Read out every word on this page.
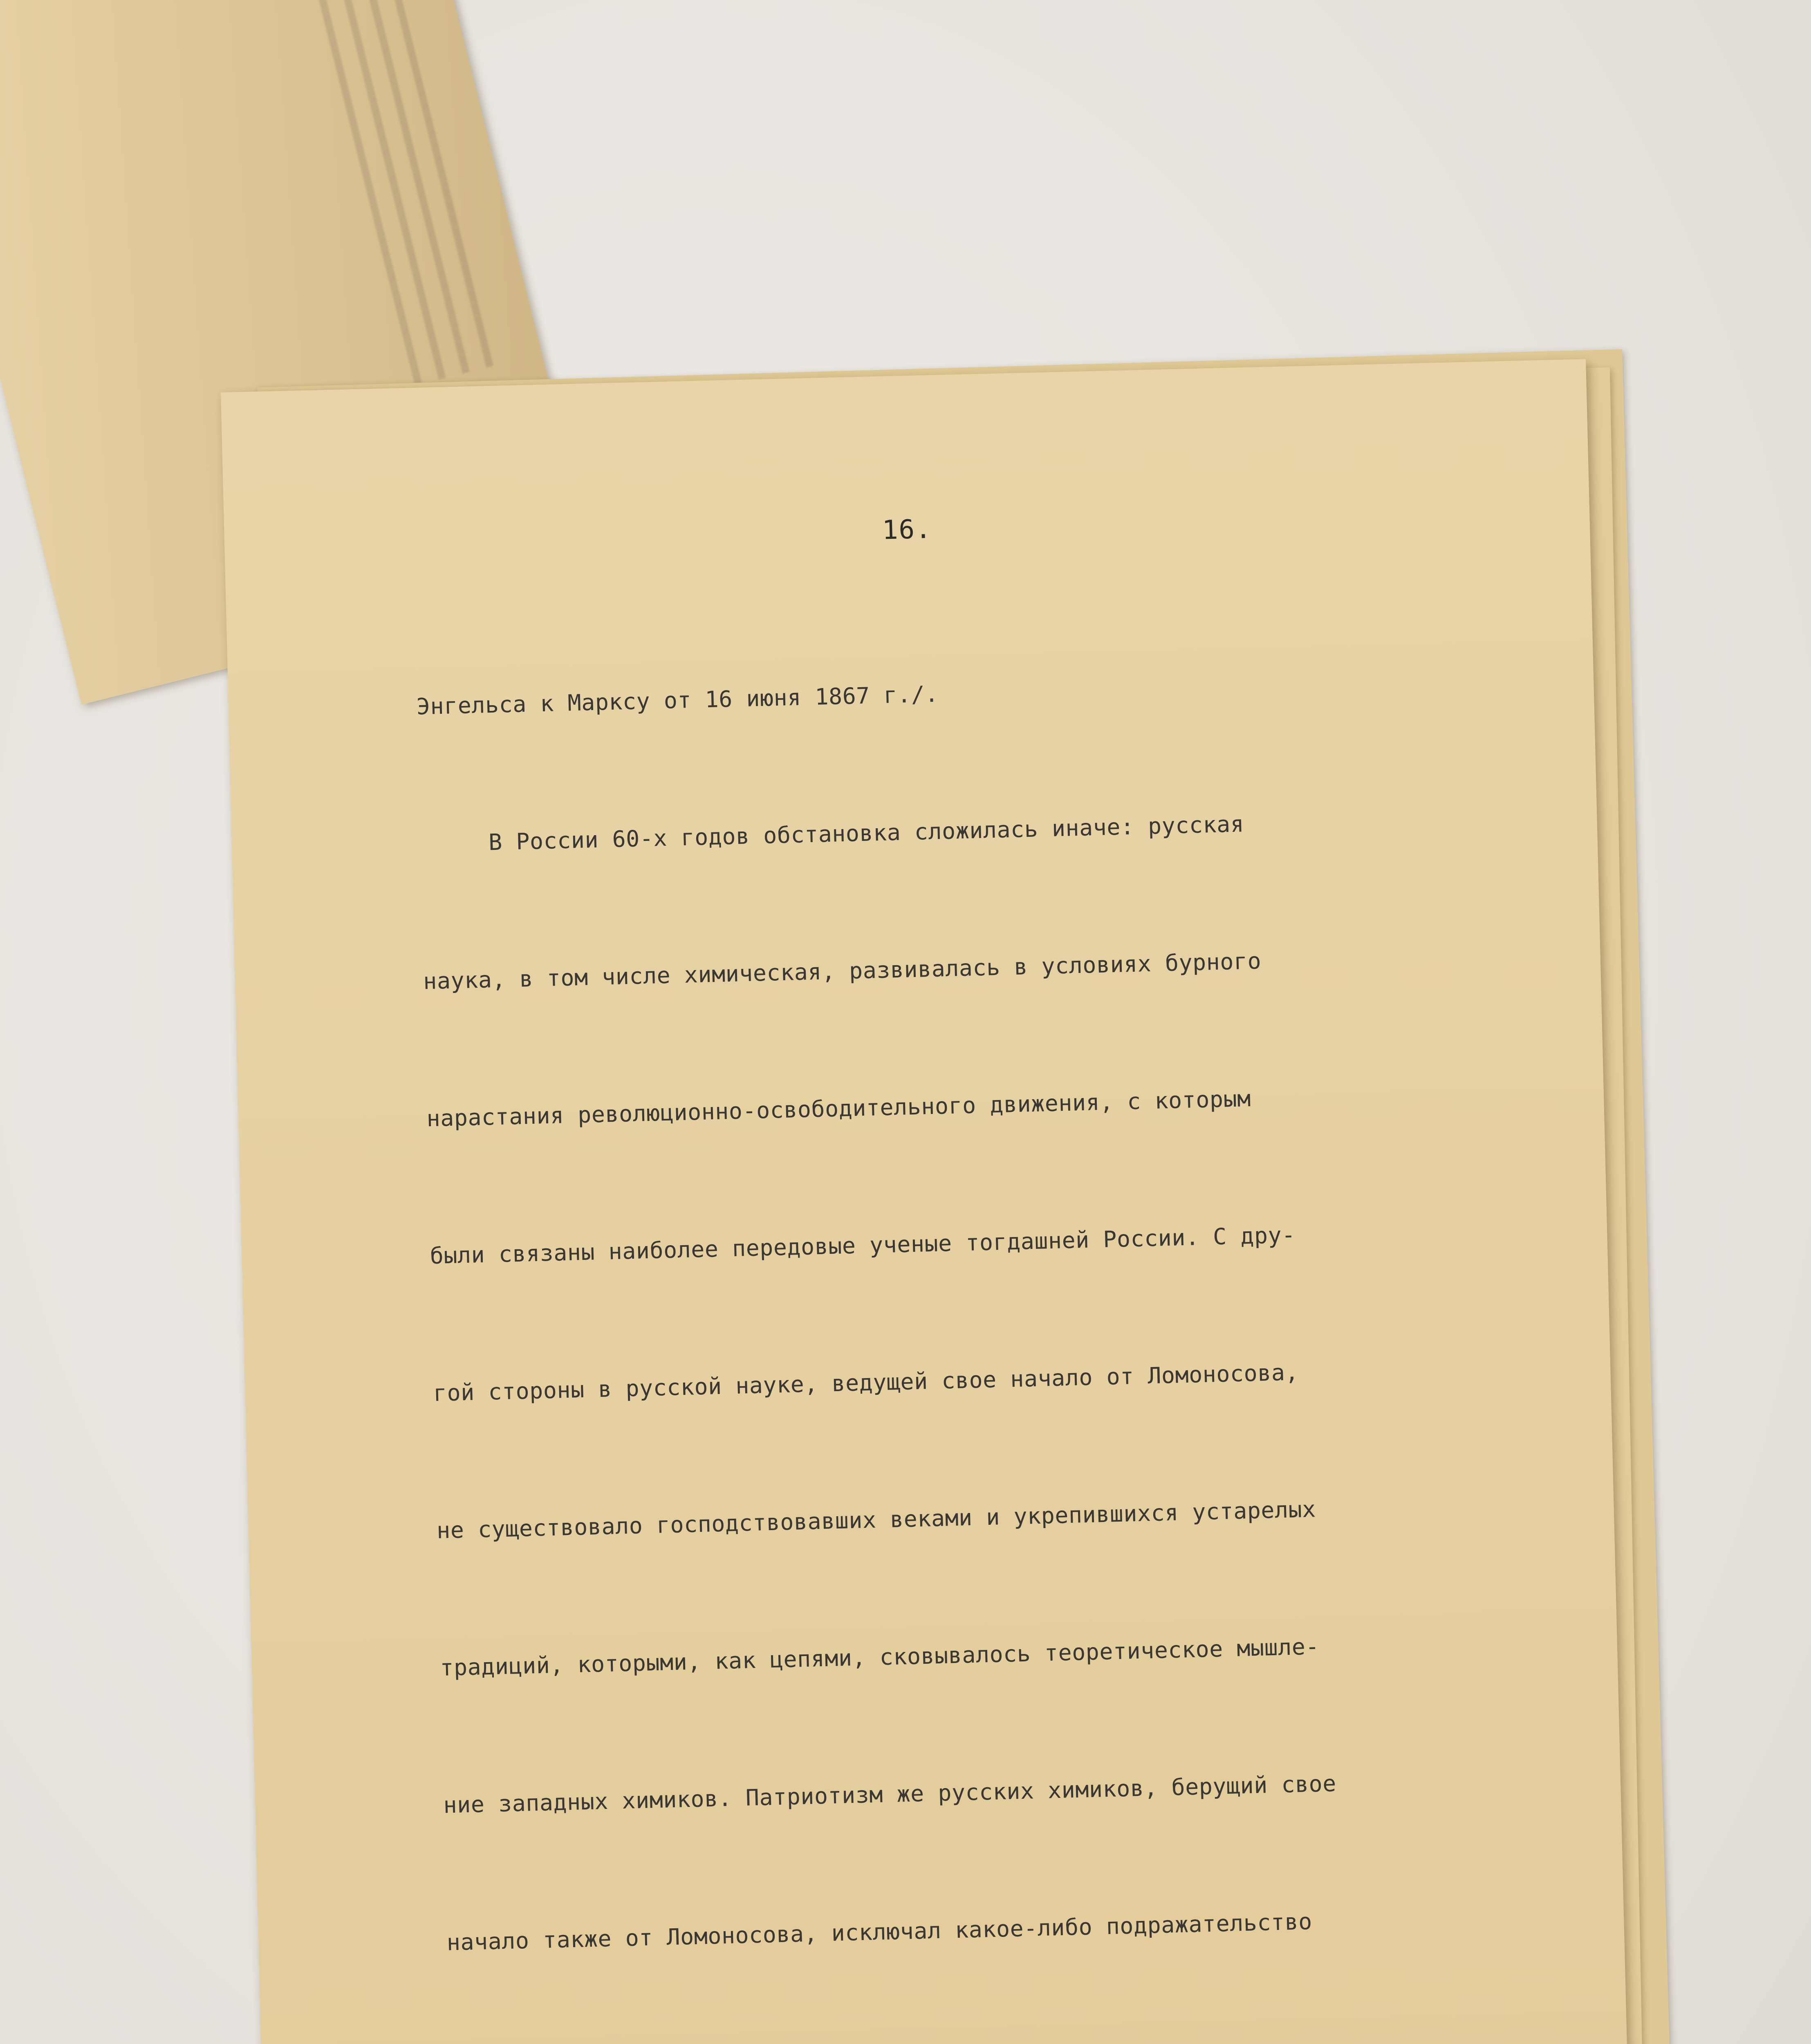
16.

Энгельса к Марксу от 16 июня 1867 г./.

В России 60-х годов обстановка сложилась иначе: русская

наука, в том числе химическая, развивалась в условиях бурного

нарастания революционно-освободительного движения, с которым

были связаны наиболее передовые ученые тогдашней России. С дру-

гой стороны в русской науке, ведущей свое начало от Ломоносова,

не существовало господствовавших веками и укрепившихся устарелых

традиций, которыми, как цепями, сковывалось теоретическое мышле-

ние западных химиков. Патриотизм же русских химиков, берущий свое

начало также от Ломоносова, исключал какое-либо подражательство
